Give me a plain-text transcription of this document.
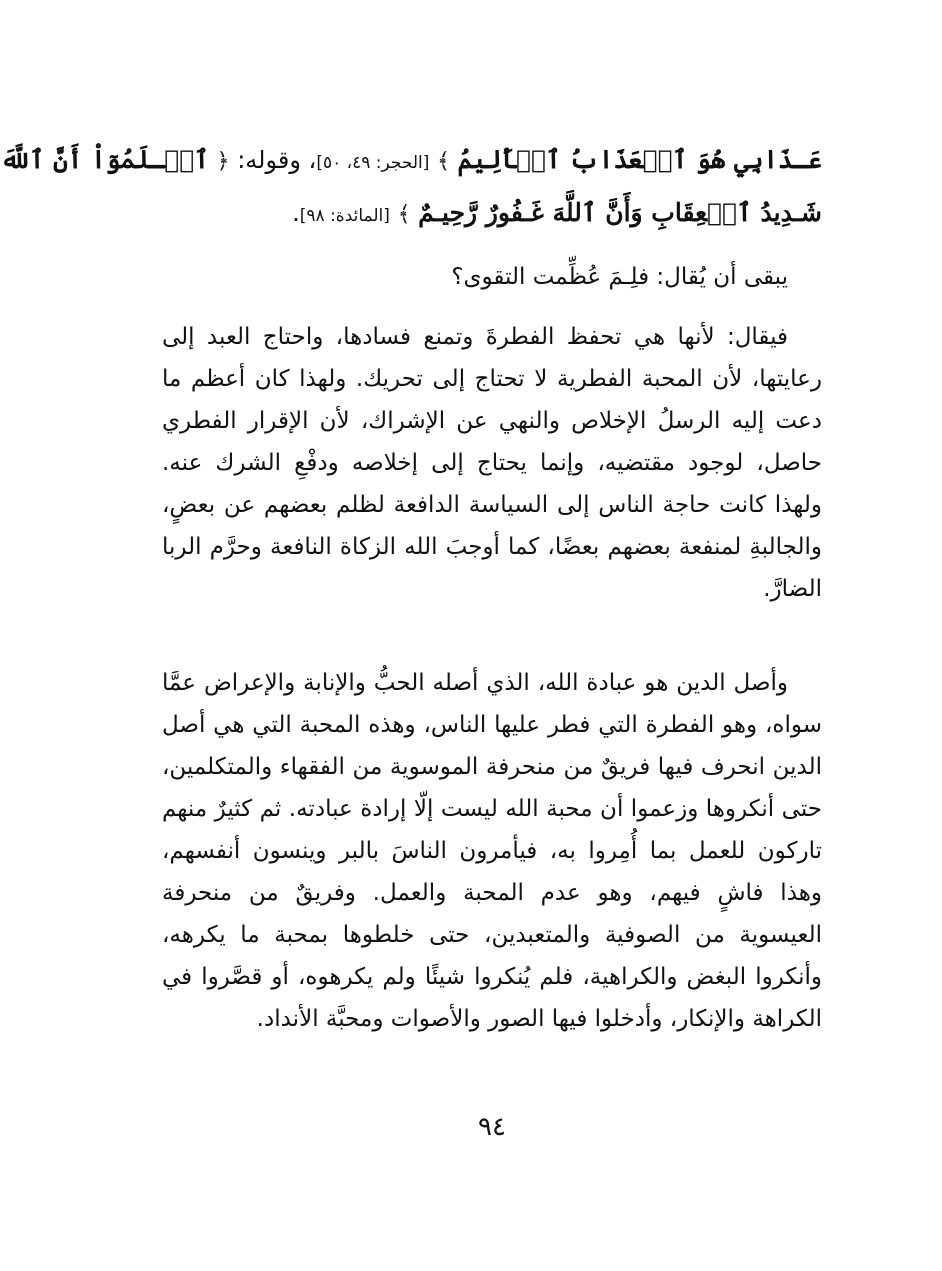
عَـذَابِي هُوَ ٱلۡعَذَابُ ٱلۡأَلِيمُ ﴾ [الحجر: ٤٩، ٥٠]، وقوله: ﴿ ٱعۡـلَمُوٓاْ أَنَّ ٱللَّهَ
شَـدِيدُ ٱلۡعِقَابِ وَأَنَّ ٱللَّهَ غَـفُورٌ رَّحِيـمٌ ﴾ [المائدة: ٩٨].

يبقى أن يُقال: فلِـمَ عُظِّمت التقوى؟

فيقال: لأنها هي تحفظ الفطرةَ وتمنع فسادها، واحتاج العبد إلى رعايتها، لأن المحبة الفطرية لا تحتاج إلى تحريك. ولهذا كان أعظم ما دعت إليه الرسلُ الإخلاص والنهي عن الإشراك، لأن الإقرار الفطري حاصل، لوجود مقتضيه، وإنما يحتاج إلى إخلاصه ودفْعِ الشرك عنه. ولهذا كانت حاجة الناس إلى السياسة الدافعة لظلم بعضهم عن بعضٍ، والجالبةِ لمنفعة بعضهم بعضًا، كما أوجبَ الله الزكاة النافعة وحرَّم الربا الضارَّ.

وأصل الدين هو عبادة الله، الذي أصله الحبُّ والإنابة والإعراض عمَّا سواه، وهو الفطرة التي فطر عليها الناس، وهذه المحبة التي هي أصل الدين انحرف فيها فريقٌ من منحرفة الموسوية من الفقهاء والمتكلمين، حتى أنكروها وزعموا أن محبة الله ليست إلّا إرادة عبادته. ثم كثيرٌ منهم تاركون للعمل بما أُمِروا به، فيأمرون الناسَ بالبر وينسون أنفسهم، وهذا فاشٍ فيهم، وهو عدم المحبة والعمل. وفريقٌ من منحرفة العيسوية من الصوفية والمتعبدين، حتى خلطوها بمحبة ما يكرهه، وأنكروا البغض والكراهية، فلم يُنكروا شيئًا ولم يكرهوه، أو قصَّروا في الكراهة والإنكار، وأدخلوا فيها الصور والأصوات ومحبَّة الأنداد.

٩٤
